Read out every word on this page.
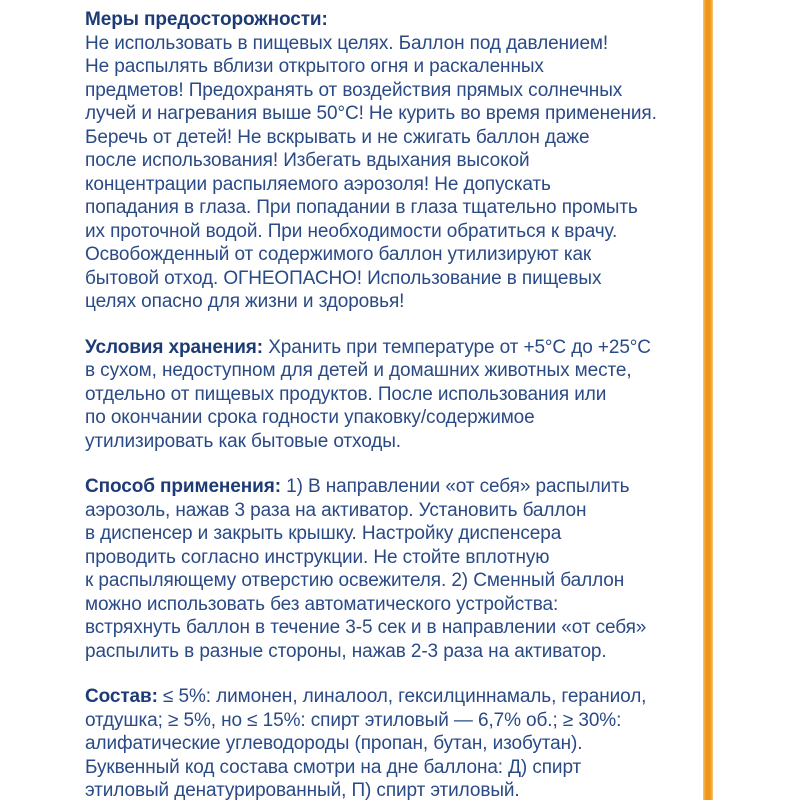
Меры предосторожности:
Не использовать в пищевых целях. Баллон под давлением!
Не распылять вблизи открытого огня и раскаленных
предметов! Предохранять от воздействия прямых солнечных
лучей и нагревания выше 50°C! Не курить во время применения.
Беречь от детей! Не вскрывать и не сжигать баллон даже
после использования! Избегать вдыхания высокой
концентрации распыляемого аэрозоля! Не допускать
попадания в глаза. При попадании в глаза тщательно промыть
их проточной водой. При необходимости обратиться к врачу.
Освобожденный от содержимого баллон утилизируют как
бытовой отход. ОГНЕОПАСНО! Использование в пищевых
целях опасно для жизни и здоровья!
Условия хранения: Хранить при температуре от +5°C до +25°C
в сухом, недоступном для детей и домашних животных месте,
отдельно от пищевых продуктов. После использования или
по окончании срока годности упаковку/содержимое
утилизировать как бытовые отходы.
Способ применения: 1) В направлении «от себя» распылить
аэрозоль, нажав 3 раза на активатор. Установить баллон
в диспенсер и закрыть крышку. Настройку диспенсера
проводить согласно инструкции. Не стойте вплотную
к распыляющему отверстию освежителя. 2) Сменный баллон
можно использовать без автоматического устройства:
встряхнуть баллон в течение 3-5 сек и в направлении «от себя»
распылить в разные стороны, нажав 2-3 раза на активатор.
Состав: ≤ 5%: лимонен, линалоол, гексилциннамаль, гераниол,
отдушка; ≥ 5%, но ≤ 15%: спирт этиловый — 6,7% об.; ≥ 30%:
алифатические углеводороды (пропан, бутан, изобутан).
Буквенный код состава смотри на дне баллона: Д) спирт
этиловый денатурированный, П) спирт этиловый.
